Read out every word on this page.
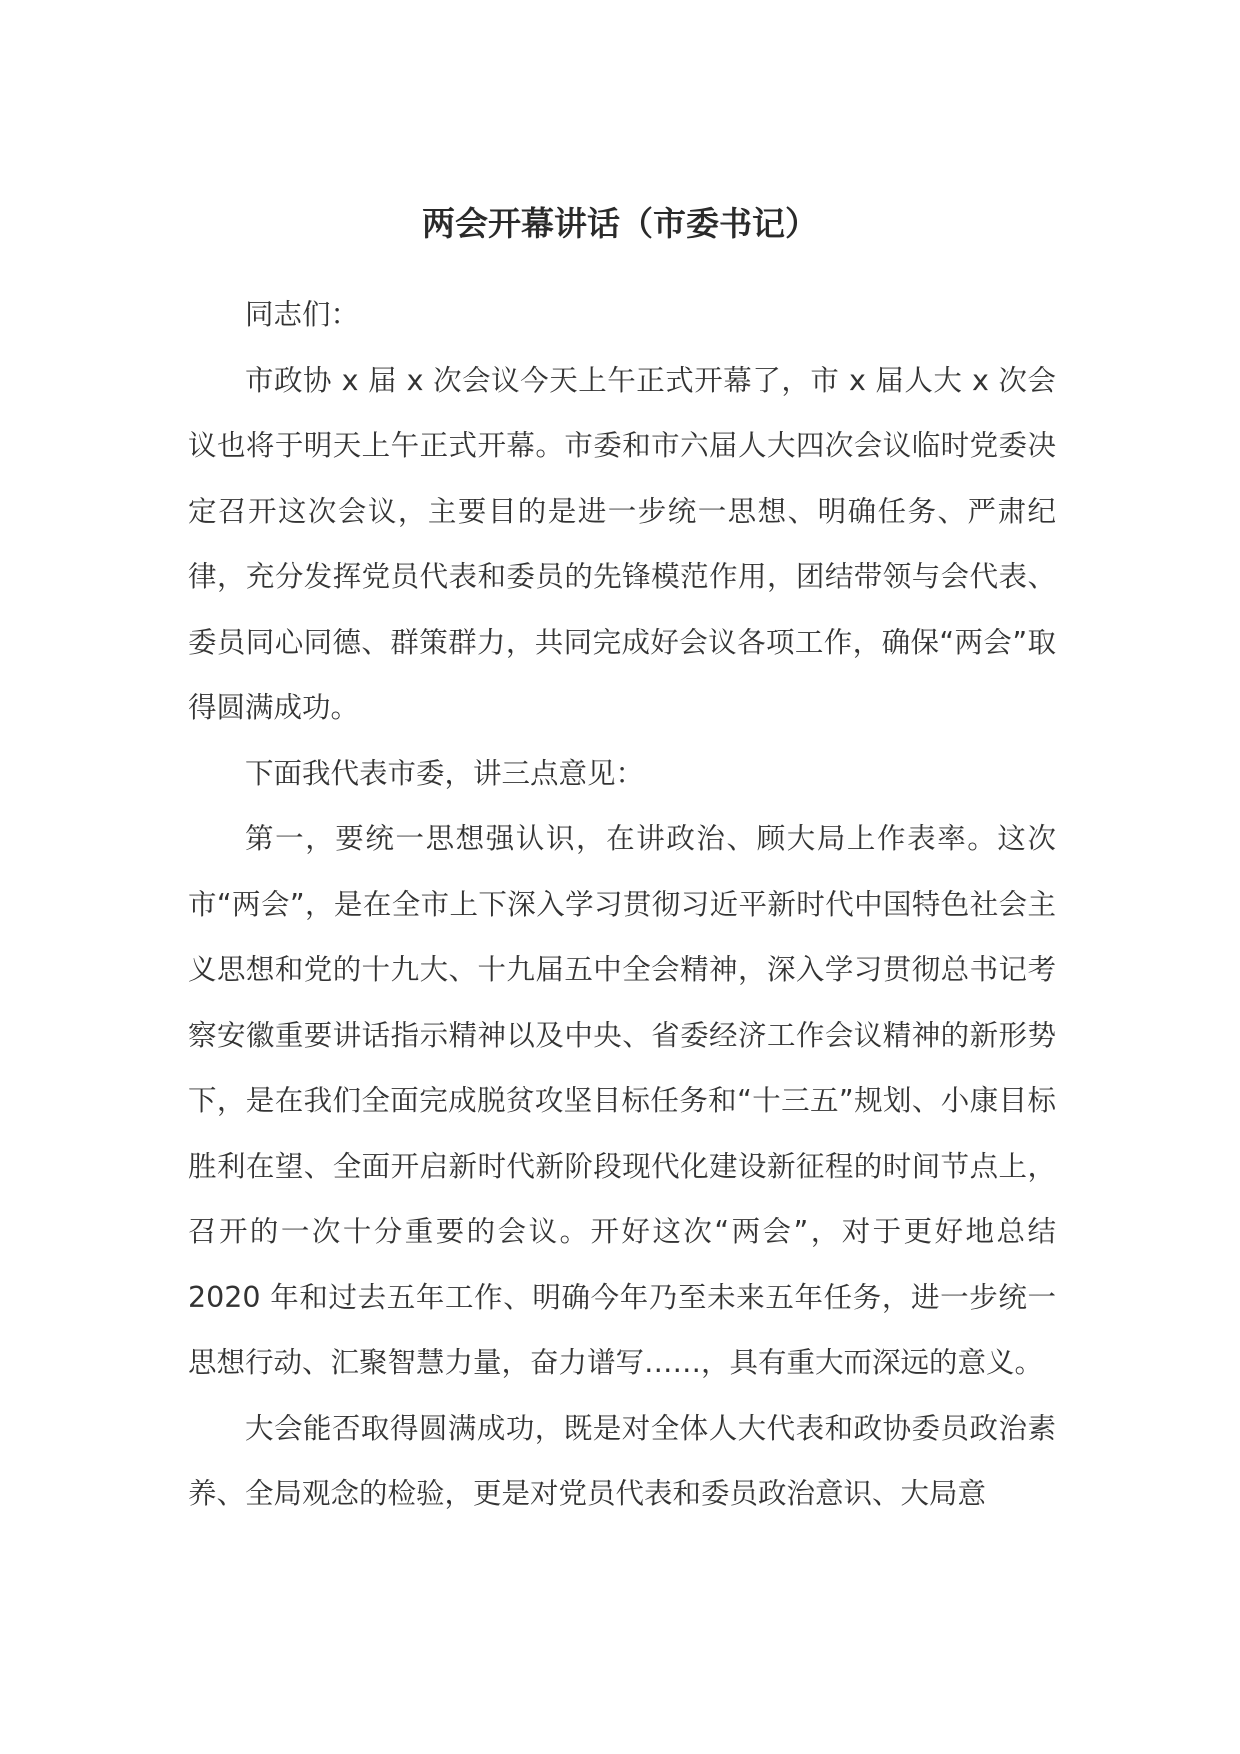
两会开幕讲话（市委书记）

同志们：

市政协 x 届 x 次会议今天上午正式开幕了，市 x 届人大 x 次会议也将于明天上午正式开幕。市委和市六届人大四次会议临时党委决定召开这次会议，主要目的是进一步统一思想、明确任务、严肃纪律，充分发挥党员代表和委员的先锋模范作用，团结带领与会代表、委员同心同德、群策群力，共同完成好会议各项工作，确保“两会”取得圆满成功。

下面我代表市委，讲三点意见：

第一，要统一思想强认识，在讲政治、顾大局上作表率。这次市“两会”，是在全市上下深入学习贯彻习近平新时代中国特色社会主义思想和党的十九大、十九届五中全会精神，深入学习贯彻总书记考察安徽重要讲话指示精神以及中央、省委经济工作会议精神的新形势下，是在我们全面完成脱贫攻坚目标任务和“十三五”规划、小康目标胜利在望、全面开启新时代新阶段现代化建设新征程的时间节点上，召开的一次十分重要的会议。开好这次“两会”，对于更好地总结 2020 年和过去五年工作、明确今年乃至未来五年任务，进一步统一思想行动、汇聚智慧力量，奋力谱写……，具有重大而深远的意义。

大会能否取得圆满成功，既是对全体人大代表和政协委员政治素养、全局观念的检验，更是对党员代表和委员政治意识、大局意
